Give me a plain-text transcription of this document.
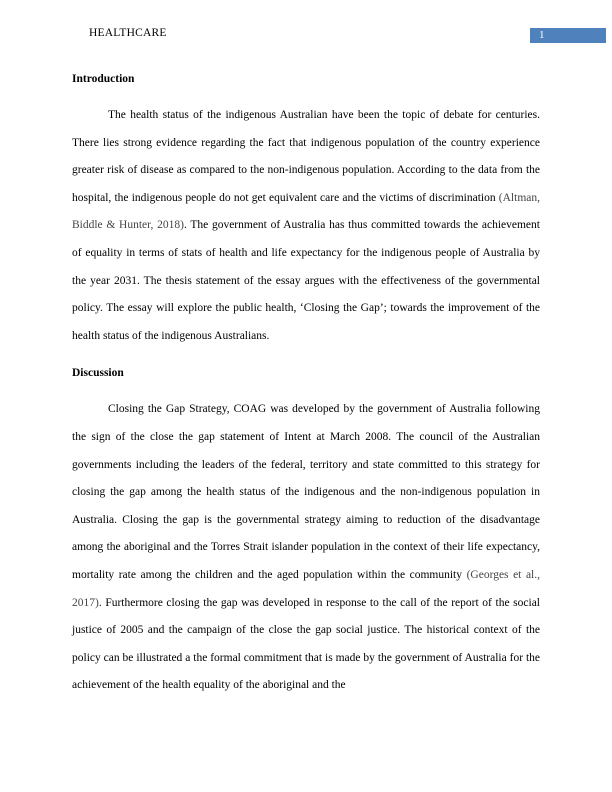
HEALTHCARE	1
Introduction

The health status of the indigenous Australian have been the topic of debate for centuries. There lies strong evidence regarding the fact that indigenous population of the country experience greater risk of disease as compared to the non-indigenous population. According to the data from the hospital, the indigenous people do not get equivalent care and the victims of discrimination (Altman, Biddle & Hunter, 2018). The government of Australia has thus committed towards the achievement of equality in terms of stats of health and life expectancy for the indigenous people of Australia by the year 2031. The thesis statement of the essay argues with the effectiveness of the governmental policy. The essay will explore the public health, ‘Closing the Gap’; towards the improvement of the health status of the indigenous Australians.

Discussion

Closing the Gap Strategy, COAG was developed by the government of Australia following the sign of the close the gap statement of Intent at March 2008. The council of the Australian governments including the leaders of the federal, territory and state committed to this strategy for closing the gap among the health status of the indigenous and the non-indigenous population in Australia. Closing the gap is the governmental strategy aiming to reduction of the disadvantage among the aboriginal and the Torres Strait islander population in the context of their life expectancy, mortality rate among the children and the aged population within the community (Georges et al., 2017). Furthermore closing the gap was developed in response to the call of the report of the social justice of 2005 and the campaign of the close the gap social justice. The historical context of the policy can be illustrated a the formal commitment that is made by the government of Australia for the achievement of the health equality of the aboriginal and the
